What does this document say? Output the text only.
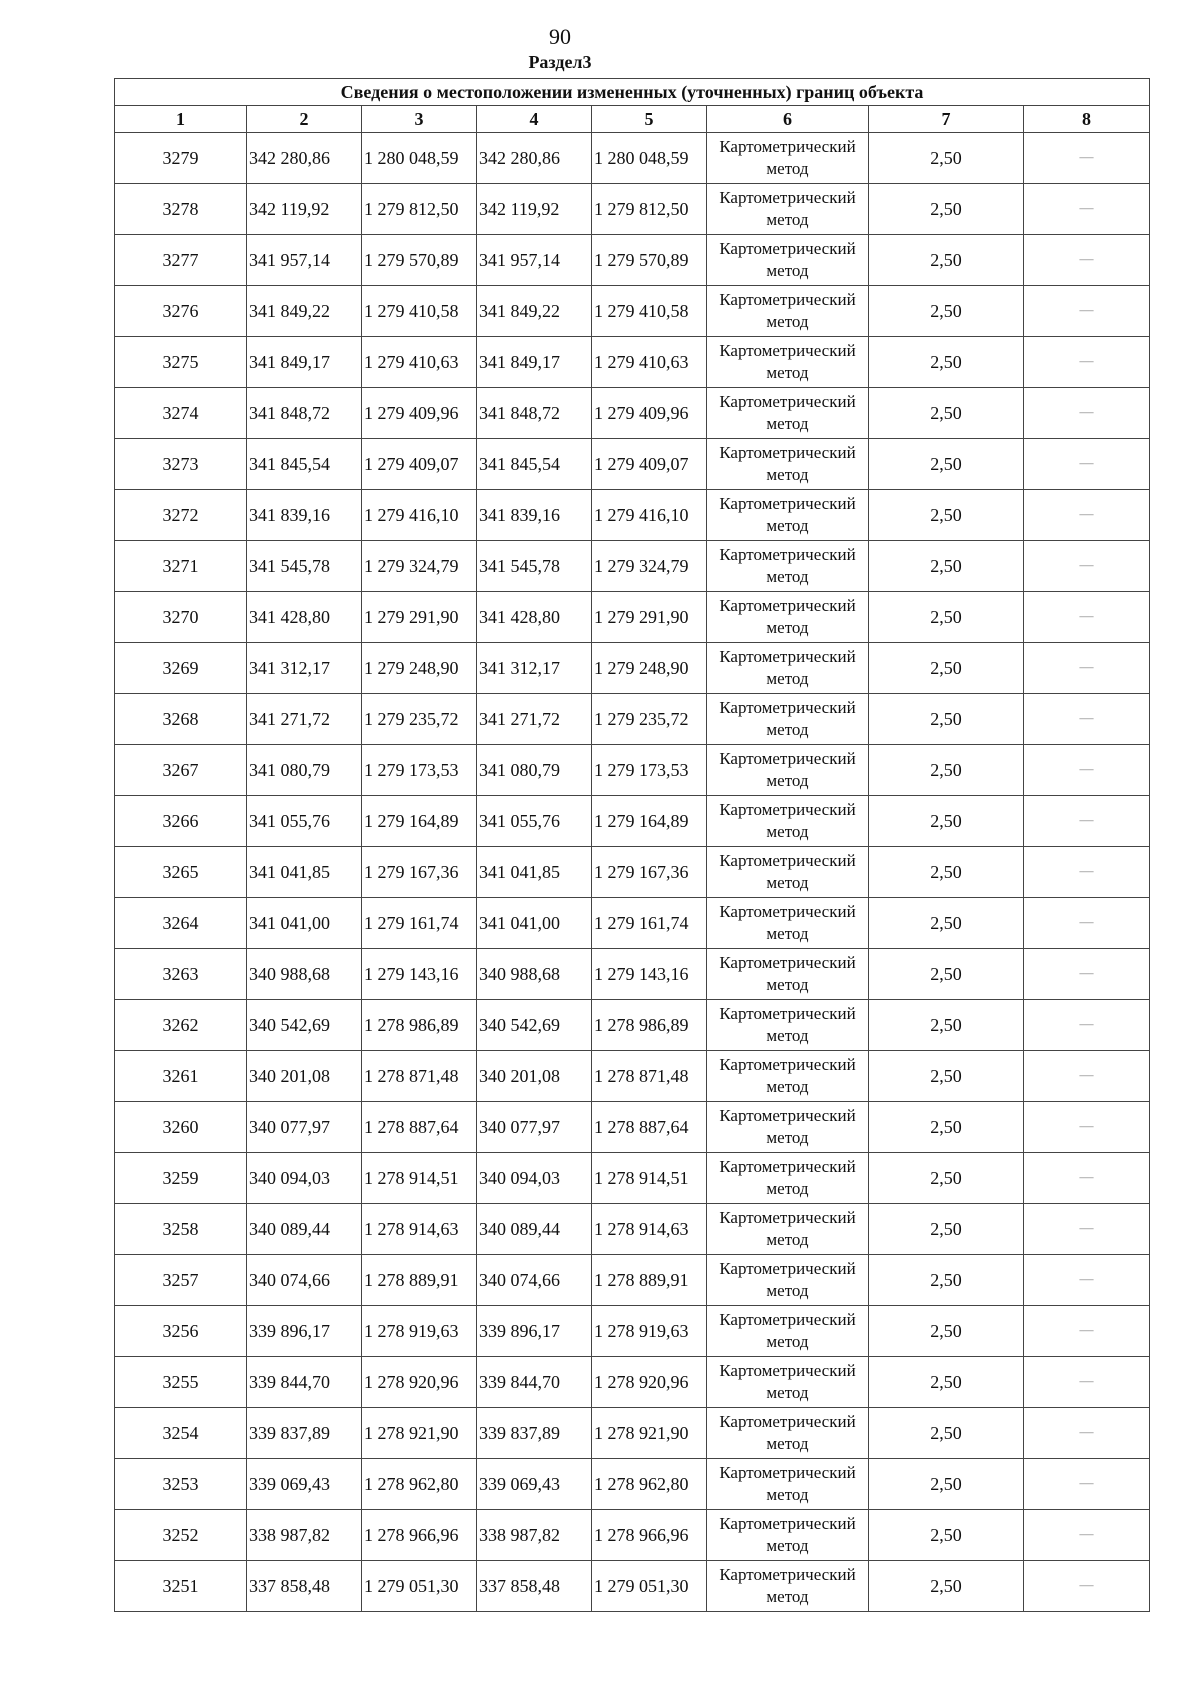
90
Раздел3
Сведения о местоположении измененных (уточненных) границ объекта							
1	2	3	4	5	6	7	8
3279	342 280,86	1 280 048,59	342 280,86	1 280 048,59	Картометрический метод	2,50	—
3278	342 119,92	1 279 812,50	342 119,92	1 279 812,50	Картометрический метод	2,50	—
3277	341 957,14	1 279 570,89	341 957,14	1 279 570,89	Картометрический метод	2,50	—
3276	341 849,22	1 279 410,58	341 849,22	1 279 410,58	Картометрический метод	2,50	—
3275	341 849,17	1 279 410,63	341 849,17	1 279 410,63	Картометрический метод	2,50	—
3274	341 848,72	1 279 409,96	341 848,72	1 279 409,96	Картометрический метод	2,50	—
3273	341 845,54	1 279 409,07	341 845,54	1 279 409,07	Картометрический метод	2,50	—
3272	341 839,16	1 279 416,10	341 839,16	1 279 416,10	Картометрический метод	2,50	—
3271	341 545,78	1 279 324,79	341 545,78	1 279 324,79	Картометрический метод	2,50	—
3270	341 428,80	1 279 291,90	341 428,80	1 279 291,90	Картометрический метод	2,50	—
3269	341 312,17	1 279 248,90	341 312,17	1 279 248,90	Картометрический метод	2,50	—
3268	341 271,72	1 279 235,72	341 271,72	1 279 235,72	Картометрический метод	2,50	—
3267	341 080,79	1 279 173,53	341 080,79	1 279 173,53	Картометрический метод	2,50	—
3266	341 055,76	1 279 164,89	341 055,76	1 279 164,89	Картометрический метод	2,50	—
3265	341 041,85	1 279 167,36	341 041,85	1 279 167,36	Картометрический метод	2,50	—
3264	341 041,00	1 279 161,74	341 041,00	1 279 161,74	Картометрический метод	2,50	—
3263	340 988,68	1 279 143,16	340 988,68	1 279 143,16	Картометрический метод	2,50	—
3262	340 542,69	1 278 986,89	340 542,69	1 278 986,89	Картометрический метод	2,50	—
3261	340 201,08	1 278 871,48	340 201,08	1 278 871,48	Картометрический метод	2,50	—
3260	340 077,97	1 278 887,64	340 077,97	1 278 887,64	Картометрический метод	2,50	—
3259	340 094,03	1 278 914,51	340 094,03	1 278 914,51	Картометрический метод	2,50	—
3258	340 089,44	1 278 914,63	340 089,44	1 278 914,63	Картометрический метод	2,50	—
3257	340 074,66	1 278 889,91	340 074,66	1 278 889,91	Картометрический метод	2,50	—
3256	339 896,17	1 278 919,63	339 896,17	1 278 919,63	Картометрический метод	2,50	—
3255	339 844,70	1 278 920,96	339 844,70	1 278 920,96	Картометрический метод	2,50	—
3254	339 837,89	1 278 921,90	339 837,89	1 278 921,90	Картометрический метод	2,50	—
3253	339 069,43	1 278 962,80	339 069,43	1 278 962,80	Картометрический метод	2,50	—
3252	338 987,82	1 278 966,96	338 987,82	1 278 966,96	Картометрический метод	2,50	—
3251	337 858,48	1 279 051,30	337 858,48	1 279 051,30	Картометрический метод	2,50	—
